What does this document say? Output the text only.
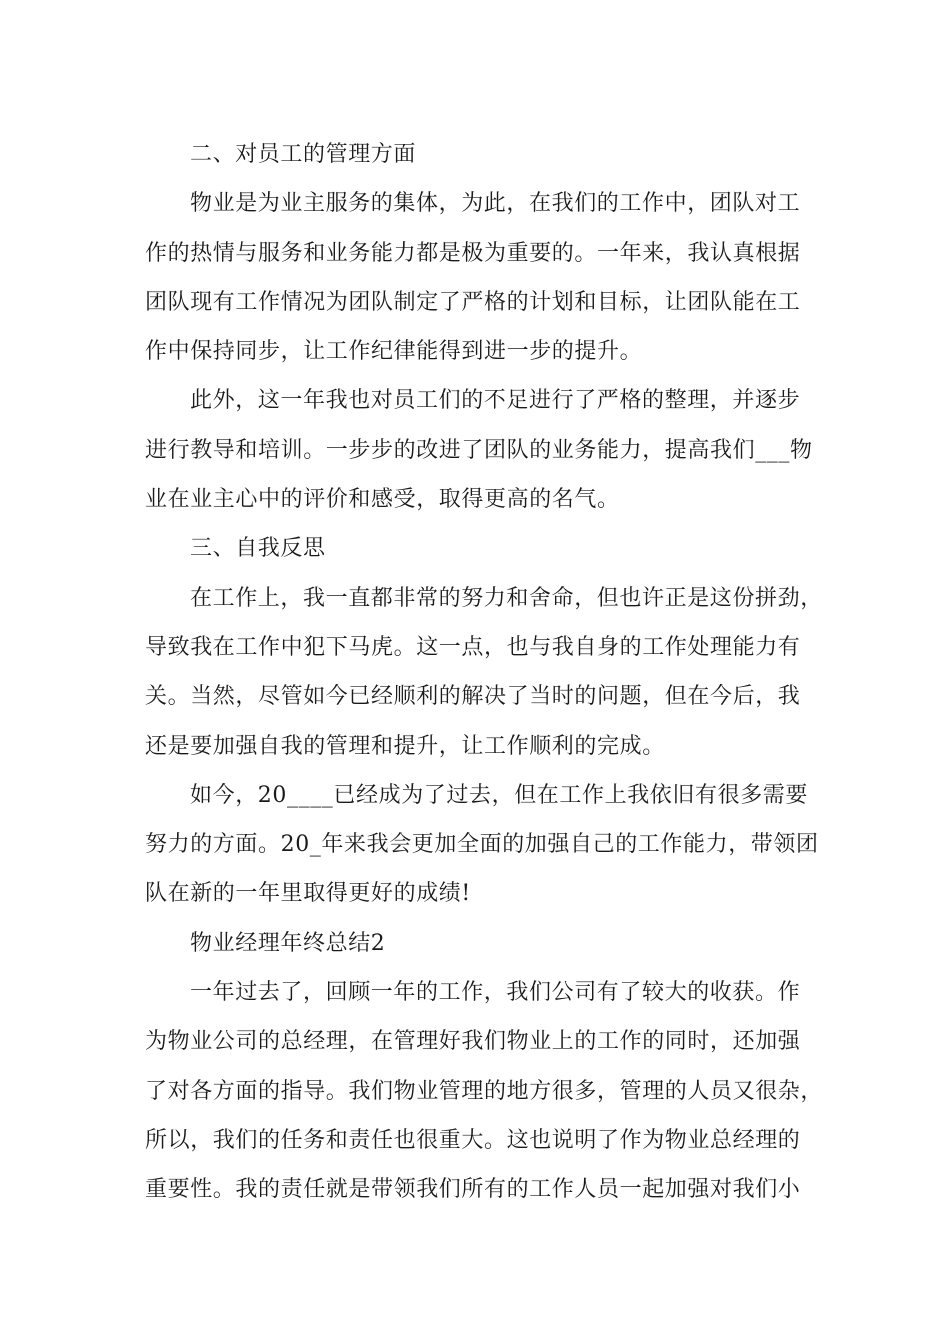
二、对员工的管理方面
物业是为业主服务的集体，为此，在我们的工作中，团队对工
作的热情与服务和业务能力都是极为重要的。一年来，我认真根据
团队现有工作情况为团队制定了严格的计划和目标，让团队能在工
作中保持同步，让工作纪律能得到进一步的提升。
此外，这一年我也对员工们的不足进行了严格的整理，并逐步
进行教导和培训。一步步的改进了团队的业务能力，提高我们___物
业在业主心中的评价和感受，取得更高的名气。
三、自我反思
在工作上，我一直都非常的努力和舍命，但也许正是这份拼劲，
导致我在工作中犯下马虎。这一点，也与我自身的工作处理能力有
关。当然，尽管如今已经顺利的解决了当时的问题，但在今后，我
还是要加强自我的管理和提升，让工作顺利的完成。
如今，20____已经成为了过去，但在工作上我依旧有很多需要
努力的方面。20_年来我会更加全面的加强自己的工作能力，带领团
队在新的一年里取得更好的成绩!
物业经理年终总结2
一年过去了，回顾一年的工作，我们公司有了较大的收获。作
为物业公司的总经理，在管理好我们物业上的工作的同时，还加强
了对各方面的指导。我们物业管理的地方很多，管理的人员又很杂，
所以，我们的任务和责任也很重大。这也说明了作为物业总经理的
重要性。我的责任就是带领我们所有的工作人员一起加强对我们小
